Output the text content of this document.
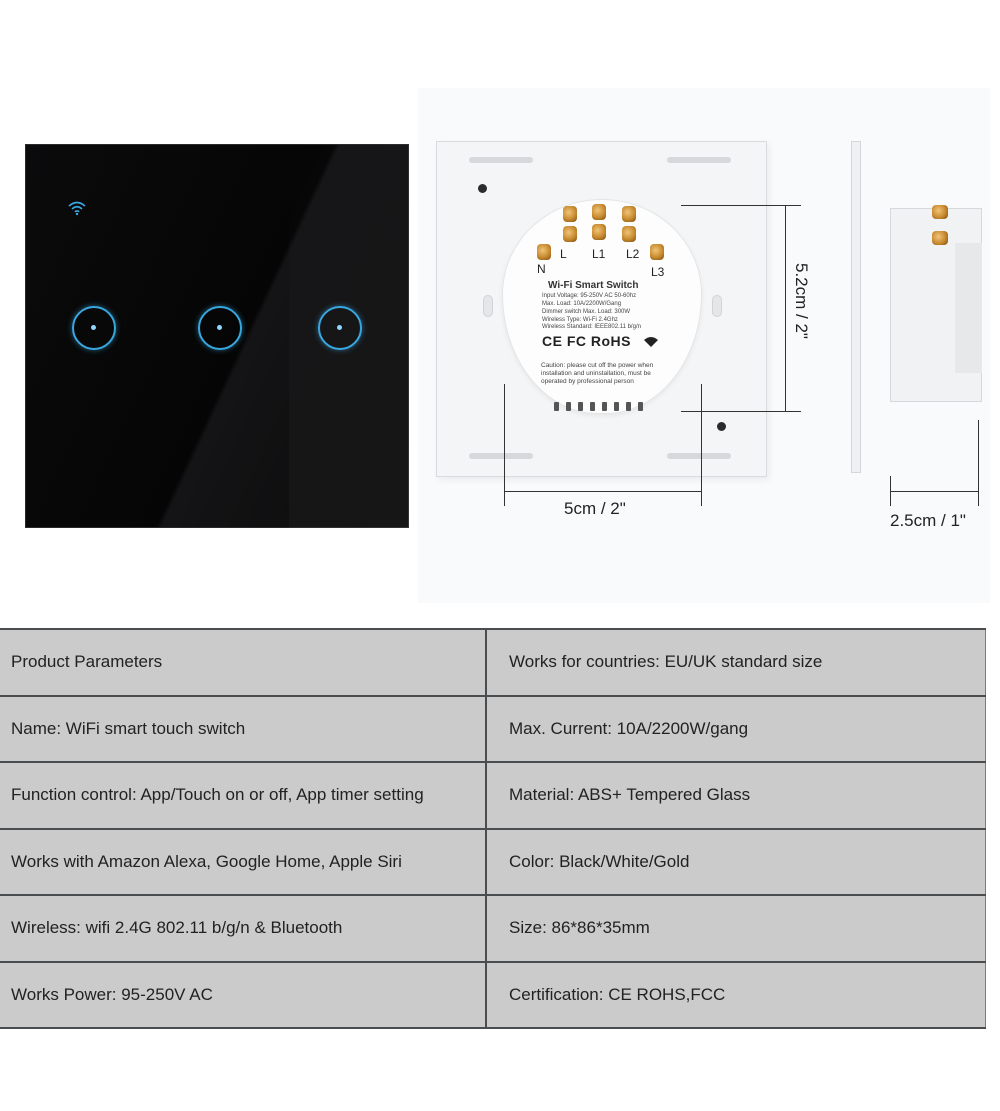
L L1 L2
N	L3
Wi-Fi Smart Switch
Input Voltage: 95-250V AC 50-60hz
Max. Load: 10A/2200W/Gang
Dimmer switch Max. Load: 300W
Wireless Type: Wi-Fi 2.4Ghz
Wireless Standard: IEEE802.11 b/g/n
CE FC RoHS
Caution: please cut off the power when
installation and uninstallation, must be
operated by professional person
5cm / 2"
5.2cm / 2"
2.5cm / 1"
Product Parameters	Works for countries: EU/UK standard size
Name: WiFi smart touch switch	Max. Current: 10A/2200W/gang
Function control: App/Touch on or off, App timer setting	Material: ABS+ Tempered Glass
Works with Amazon Alexa, Google Home, Apple Siri	Color: Black/White/Gold
Wireless: wifi 2.4G 802.11 b/g/n & Bluetooth	Size: 86*86*35mm
Works Power: 95-250V AC	Certification: CE ROHS,FCC
